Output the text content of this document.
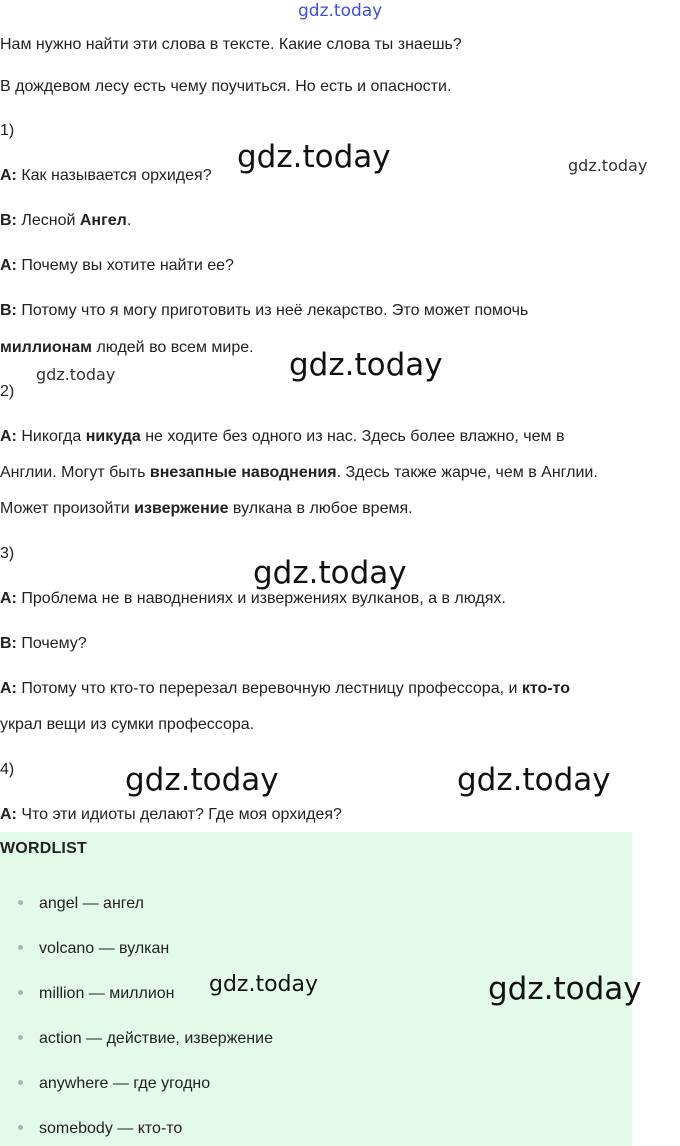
gdz.today
Нам нужно найти эти слова в тексте. Какие слова ты знаешь?
В дождевом лесу есть чему поучиться. Но есть и опасности.
1)
A: Как называется орхидея?
B: Лесной Ангел.
A: Почему вы хотите найти ее?
B: Потому что я могу приготовить из неё лекарство. Это может помочь
миллионам людей во всем мире.
2)
A: Никогда никуда не ходите без одного из нас. Здесь более влажно, чем в
Англии. Могут быть внезапные наводнения. Здесь также жарче, чем в Англии.
Может произойти извержение вулкана в любое время.
3)
A: Проблема не в наводнениях и извержениях вулканов, а в людях.
B: Почему?
A: Потому что кто-то перерезал веревочную лестницу профессора, и кто-то
украл вещи из сумки профессора.
4)
A: Что эти идиоты делают? Где моя орхидея?
WORDLIST
angel — ангел
volcano — вулкан
million — миллион
action — действие, извержение
anywhere — где угодно
somebody — кто-то
gdz.today	gdz.today
gdz.today
gdz.today
gdz.today
gdz.today	gdz.today
gdz.today	gdz.today
